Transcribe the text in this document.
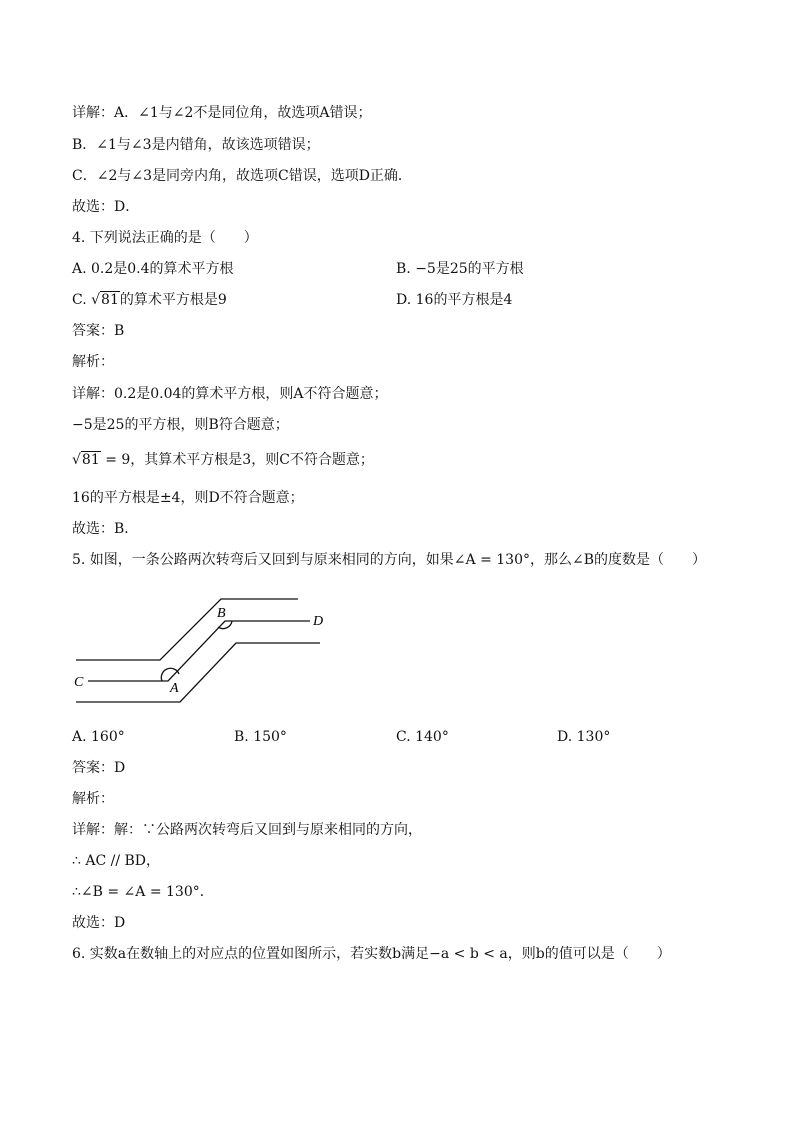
详解：A．∠1与∠2不是同位角，故选项A错误；
B．∠1与∠3是内错角，故该选项错误；
C．∠2与∠3是同旁内角，故选项C错误，选项D正确．
故选：D．
4. 下列说法正确的是（　　）
A. 0.2是0.4的算术平方根	B. −5是25的平方根
C. √81的算术平方根是9	D. 16的平方根是4
答案：B
解析：
详解：0.2是0.04的算术平方根，则A不符合题意；
−5是25的平方根，则B符合题意；
√81 = 9，其算术平方根是3，则C不符合题意；
16的平方根是±4，则D不符合题意；
故选：B．
5. 如图，一条公路两次转弯后又回到与原来相同的方向，如果∠A = 130°，那么∠B的度数是（　　）
A
B
C
D
A. 160°	B. 150°	C. 140°	D. 130°
答案：D
解析：
详解：解：∵公路两次转弯后又回到与原来相同的方向，
∴ AC // BD，
∴∠B = ∠A = 130°．
故选：D
6. 实数a在数轴上的对应点的位置如图所示，若实数b满足−a < b < a，则b的值可以是（　　）
